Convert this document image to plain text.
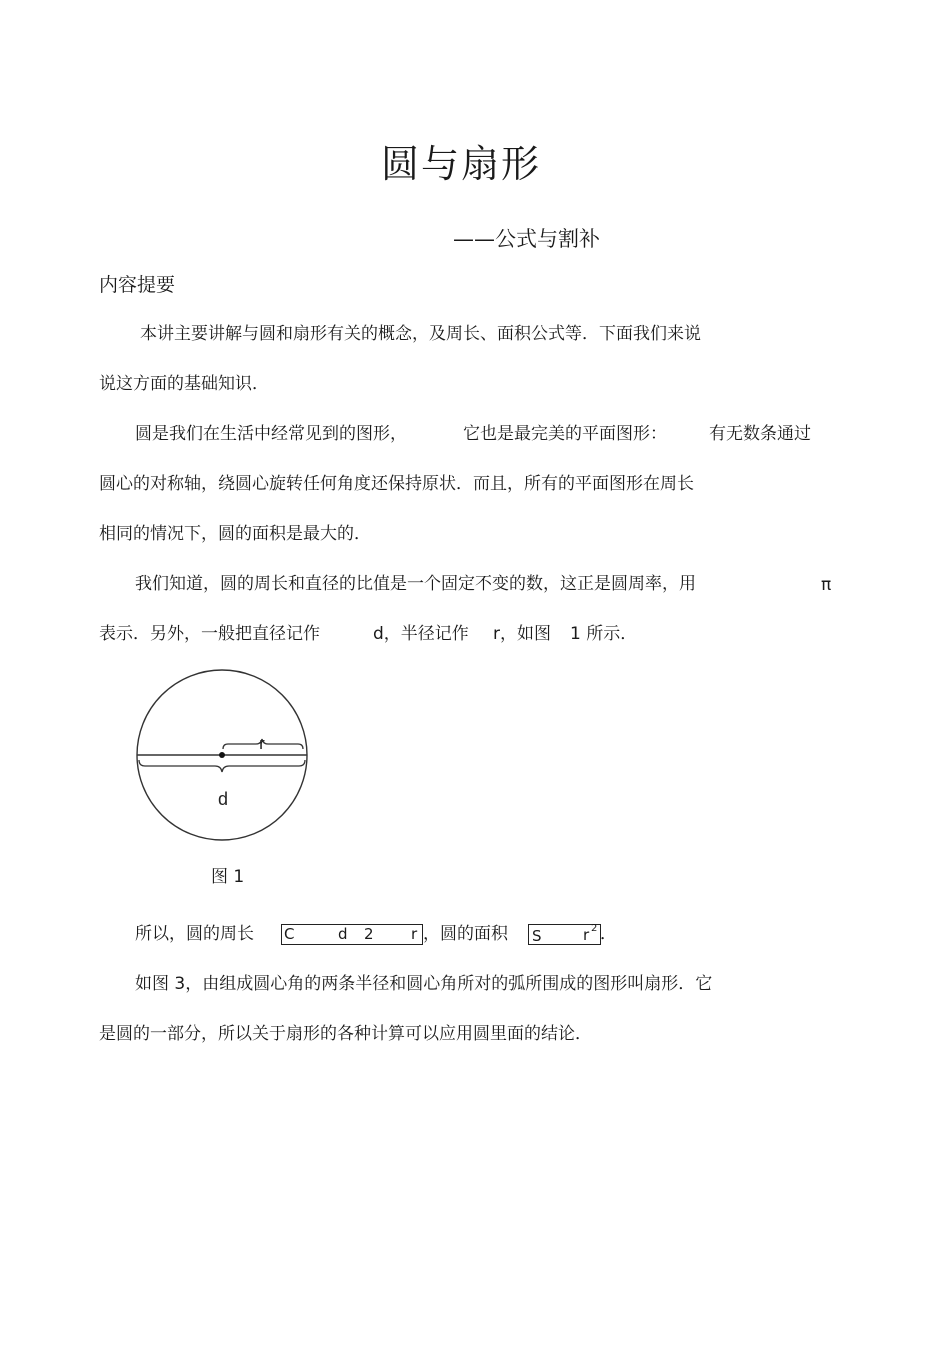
圆与扇形
——公式与割补
内容提要
本讲主要讲解与圆和扇形有关的概念，及周长、面积公式等．下面我们来说
说这方面的基础知识．
圆是我们在生活中经常见到的图形，	它也是最完美的平面图形： 有无数条通过
圆心的对称轴，绕圆心旋转任何角度还保持原状．而且，所有的平面图形在周长
相同的情况下，圆的面积是最大的．
我们知道，圆的周长和直径的比值是一个固定不变的数，这正是圆周率，用	π
表示．另外，一般把直径记作	d，半径记作 r，如图 1 所示．
r
d
图 1
所以，圆的周长 C	d 2 r ，圆的面积 S	r 2 ．
如图 3，由组成圆心角的两条半径和圆心角所对的弧所围成的图形叫扇形．它
是圆的一部分，所以关于扇形的各种计算可以应用圆里面的结论．
